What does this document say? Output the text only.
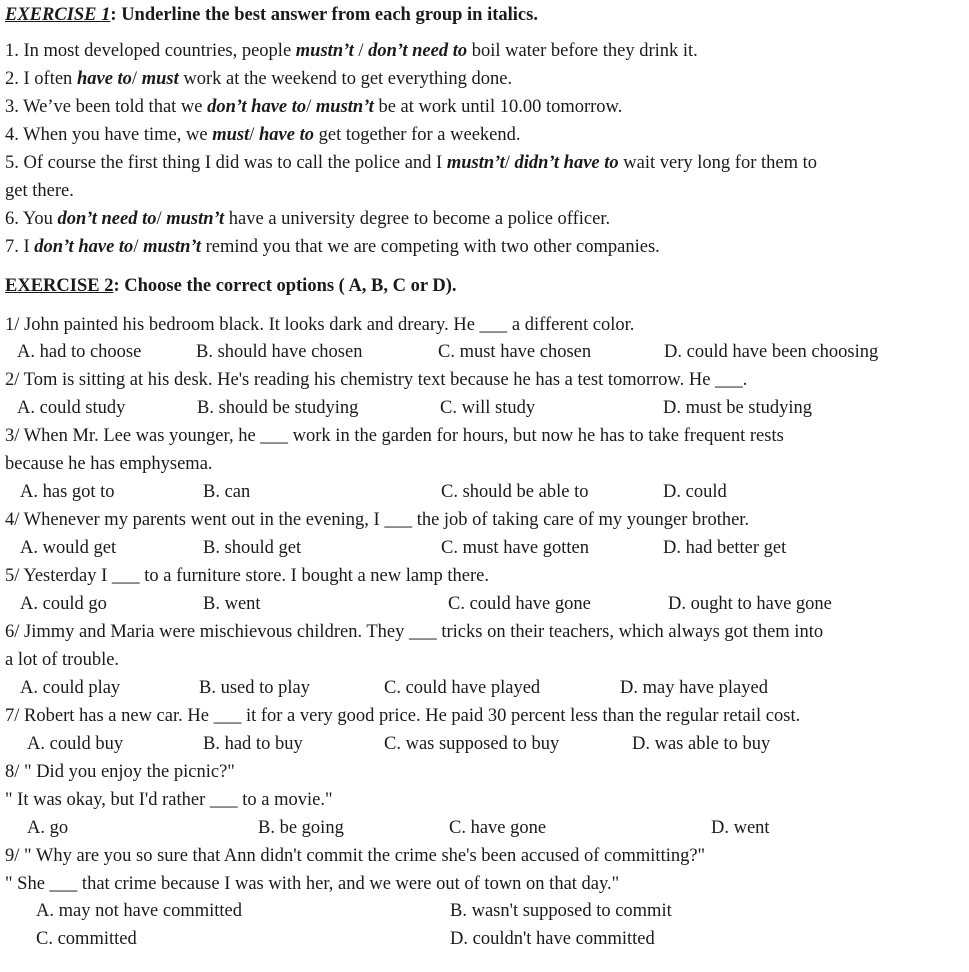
EXERCISE 1: Underline the best answer from each group in italics.
1. In most developed countries, people mustn’t / don’t need to boil water before they drink it.
2. I often have to/ must work at the weekend to get everything done.
3. We’ve been told that we don’t have to/ mustn’t be at work until 10.00 tomorrow.
4. When you have time, we must/ have to get together for a weekend.
5. Of course the first thing I did was to call the police and I mustn’t/ didn’t have to wait very long for them to
get there.
6. You don’t need to/ mustn’t have a university degree to become a police officer.
7. I don’t have to/ mustn’t remind you that we are competing with two other companies.
EXERCISE 2: Choose the correct options ( A, B, C or D).
1/ John painted his bedroom black. It looks dark and dreary. He ___ a different color.
A. had to choose	B. should have chosen	C. must have chosen	D. could have been choosing
2/ Tom is sitting at his desk. He's reading his chemistry text because he has a test tomorrow. He ___.
A. could study	B. should be studying	C. will study	D. must be studying
3/ When Mr. Lee was younger, he ___ work in the garden for hours, but now he has to take frequent rests
because he has emphysema.
A. has got to	B. can	C. should be able to	D. could
4/ Whenever my parents went out in the evening, I ___ the job of taking care of my younger brother.
A. would get	B. should get	C. must have gotten	D. had better get
5/ Yesterday I ___ to a furniture store. I bought a new lamp there.
A. could go	B. went	C. could have gone	D. ought to have gone
6/ Jimmy and Maria were mischievous children. They ___ tricks on their teachers, which always got them into
a lot of trouble.
A. could play	B. used to play	C. could have played	D. may have played
7/ Robert has a new car. He ___ it for a very good price. He paid 30 percent less than the regular retail cost.
A. could buy	B. had to buy	C. was supposed to buy	D. was able to buy
8/ " Did you enjoy the picnic?"
" It was okay, but I'd rather ___ to a movie."
A. go	B. be going	C. have gone	D. went
9/ " Why are you so sure that Ann didn't commit the crime she's been accused of committing?"
" She ___ that crime because I was with her, and we were out of town on that day."
A. may not have committed	B. wasn't supposed to commit
C. committed	D. couldn't have committed
